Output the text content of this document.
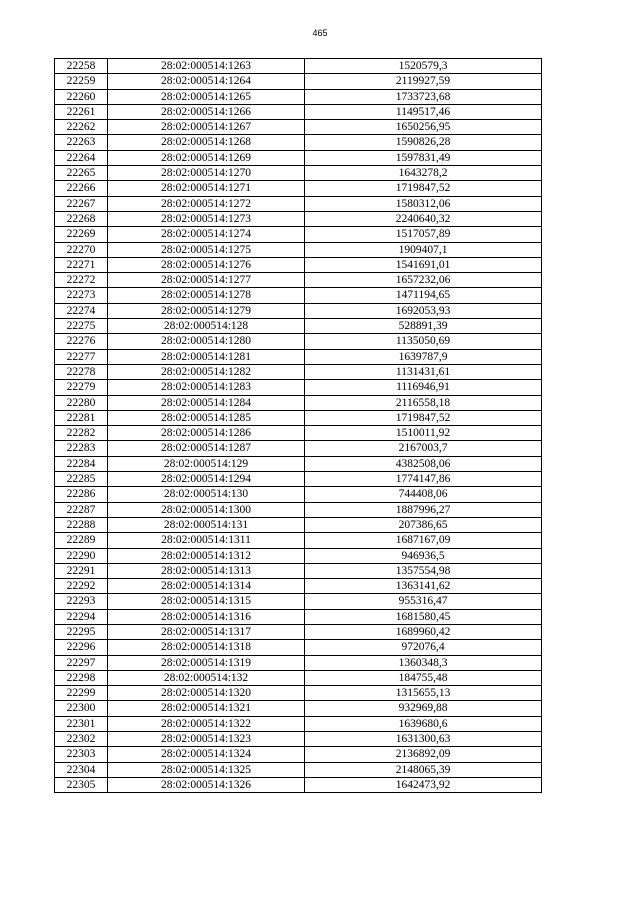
465
22258	28:02:000514:1263	1520579,3
22259	28:02:000514:1264	2119927,59
22260	28:02:000514:1265	1733723,68
22261	28:02:000514:1266	1149517,46
22262	28:02:000514:1267	1650256,95
22263	28:02:000514:1268	1590826,28
22264	28:02:000514:1269	1597831,49
22265	28:02:000514:1270	1643278,2
22266	28:02:000514:1271	1719847,52
22267	28:02:000514:1272	1580312,06
22268	28:02:000514:1273	2240640,32
22269	28:02:000514:1274	1517057,89
22270	28:02:000514:1275	1909407,1
22271	28:02:000514:1276	1541691,01
22272	28:02:000514:1277	1657232,06
22273	28:02:000514:1278	1471194,65
22274	28:02:000514:1279	1692053,93
22275	28:02:000514:128	528891,39
22276	28:02:000514:1280	1135050,69
22277	28:02:000514:1281	1639787,9
22278	28:02:000514:1282	1131431,61
22279	28:02:000514:1283	1116946,91
22280	28:02:000514:1284	2116558,18
22281	28:02:000514:1285	1719847,52
22282	28:02:000514:1286	1510011,92
22283	28:02:000514:1287	2167003,7
22284	28:02:000514:129	4382508,06
22285	28:02:000514:1294	1774147,86
22286	28:02:000514:130	744408,06
22287	28:02:000514:1300	1887996,27
22288	28:02:000514:131	207386,65
22289	28:02:000514:1311	1687167,09
22290	28:02:000514:1312	946936,5
22291	28:02:000514:1313	1357554,98
22292	28:02:000514:1314	1363141,62
22293	28:02:000514:1315	955316,47
22294	28:02:000514:1316	1681580,45
22295	28:02:000514:1317	1689960,42
22296	28:02:000514:1318	972076,4
22297	28:02:000514:1319	1360348,3
22298	28:02:000514:132	184755,48
22299	28:02:000514:1320	1315655,13
22300	28:02:000514:1321	932969,88
22301	28:02:000514:1322	1639680,6
22302	28:02:000514:1323	1631300,63
22303	28:02:000514:1324	2136892,09
22304	28:02:000514:1325	2148065,39
22305	28:02:000514:1326	1642473,92
